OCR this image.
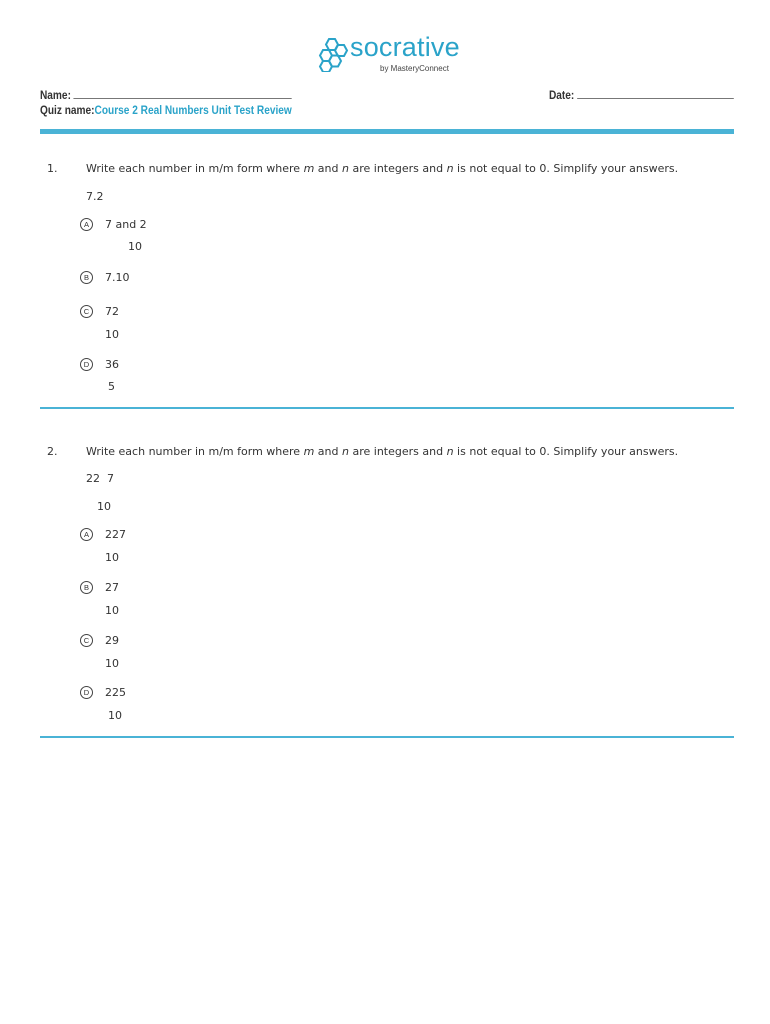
socrative
by MasteryConnect
Name:	Date:
Quiz name:Course 2 Real Numbers Unit Test Review
1.	Write each number in m/m form where m and n are integers and n is not equal to 0. Simplify your answers.
7.2
A	7 and 2
10
B	7.10
C	72
10
D	36
5
2.	Write each number in m/m form where m and n are integers and n is not equal to 0. Simplify your answers.
22  7
10
A	227
10
B	27
10
C	29
10
D	225
10
